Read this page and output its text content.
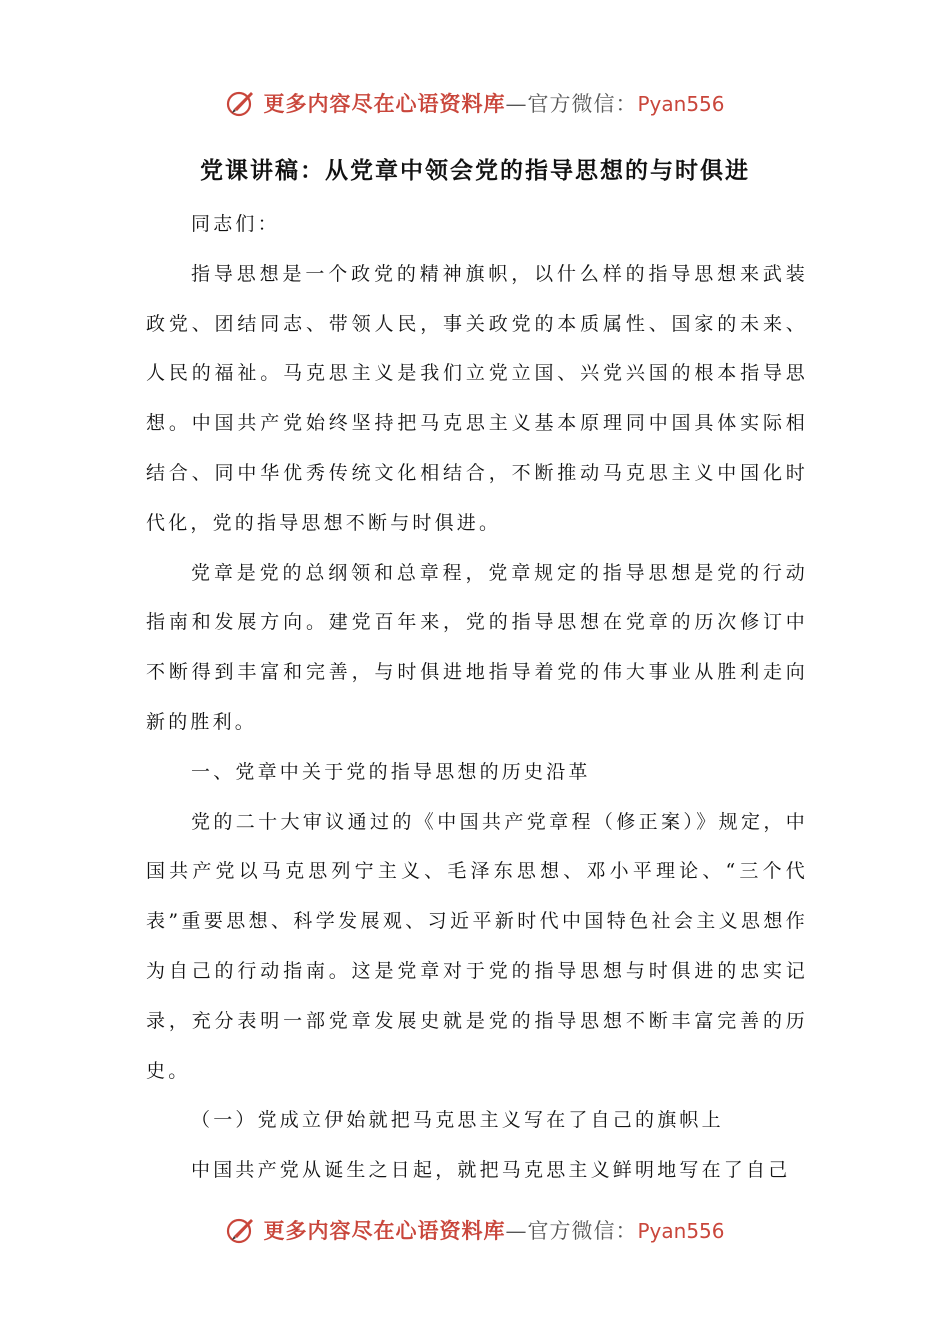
更多内容尽在心语资料库—官方微信：Pyan556
党课讲稿：从党章中领会党的指导思想的与时俱进

同志们：

指导思想是一个政党的精神旗帜，以什么样的指导思想来武装政党、团结同志、带领人民，事关政党的本质属性、国家的未来、人民的福祉。马克思主义是我们立党立国、兴党兴国的根本指导思想。中国共产党始终坚持把马克思主义基本原理同中国具体实际相结合、同中华优秀传统文化相结合，不断推动马克思主义中国化时代化，党的指导思想不断与时俱进。

党章是党的总纲领和总章程，党章规定的指导思想是党的行动指南和发展方向。建党百年来，党的指导思想在党章的历次修订中不断得到丰富和完善，与时俱进地指导着党的伟大事业从胜利走向新的胜利。

一、党章中关于党的指导思想的历史沿革

党的二十大审议通过的《中国共产党章程（修正案）》规定，中国共产党以马克思列宁主义、毛泽东思想、邓小平理论、“三个代表”重要思想、科学发展观、习近平新时代中国特色社会主义思想作为自己的行动指南。这是党章对于党的指导思想与时俱进的忠实记录，充分表明一部党章发展史就是党的指导思想不断丰富完善的历史。

（一）党成立伊始就把马克思主义写在了自己的旗帜上

中国共产党从诞生之日起，就把马克思主义鲜明地写在了自己

更多内容尽在心语资料库—官方微信：Pyan556
